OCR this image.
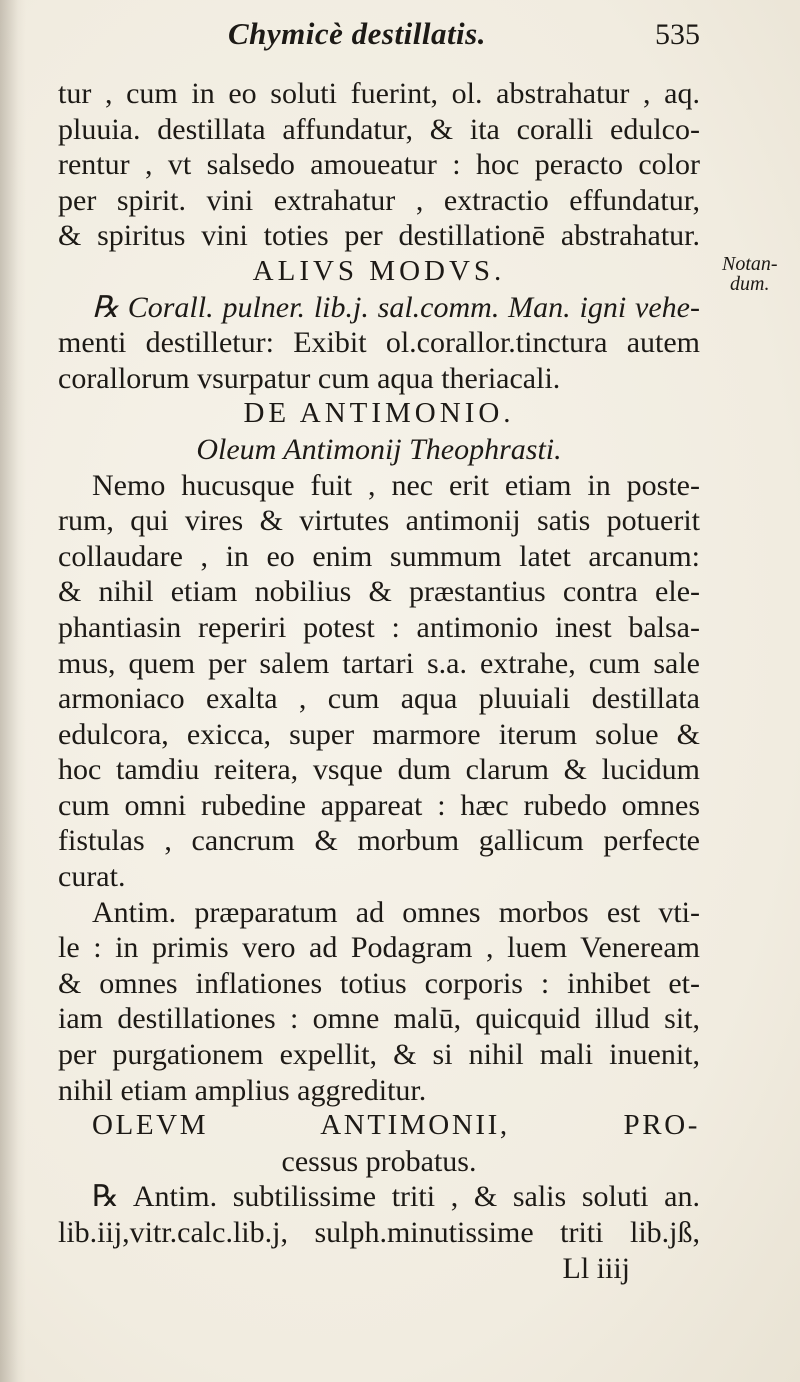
Chymicè destillatis.	535
Notan-
dum.
tur , cum in eo soluti fuerint, ol. abstrahatur , aq.
pluuia. destillata affundatur, & ita coralli edulco-
rentur , vt salsedo amoueatur : hoc peracto color
per spirit. vini extrahatur , extractio effundatur,
& spiritus vini toties per destillationē abstrahatur.
ALIVS MODVS.
℞ Corall. pulner. lib.j. sal.comm. Man. igni vehe-
menti destilletur: Exibit ol.corallor.tinctura autem
corallorum vsurpatur cum aqua theriacali.
DE ANTIMONIO.
Oleum Antimonij Theophrasti.
Nemo hucusque fuit , nec erit etiam in poste-
rum, qui vires & virtutes antimonij satis potuerit
collaudare , in eo enim summum latet arcanum:
& nihil etiam nobilius & præstantius contra ele-
phantiasin reperiri potest : antimonio inest balsa-
mus, quem per salem tartari s.a. extrahe, cum sale
armoniaco exalta , cum aqua pluuiali destillata
edulcora, exicca, super marmore iterum solue &
hoc tamdiu reitera, vsque dum clarum & lucidum
cum omni rubedine appareat : hæc rubedo omnes
fistulas , cancrum & morbum gallicum perfecte
curat.
Antim. præparatum ad omnes morbos est vti-
le : in primis vero ad Podagram , luem Veneream
& omnes inflationes totius corporis : inhibet et-
iam destillationes : omne malū, quicquid illud sit,
per purgationem expellit, & si nihil mali inuenit,
nihil etiam amplius aggreditur.
OLEVM ANTIMONII, PRO-
cessus probatus.
℞ Antim. subtilissime triti , & salis soluti an.
lib.iij,vitr.calc.lib.j, sulph.minutissime triti lib.jß,
Ll iiij
